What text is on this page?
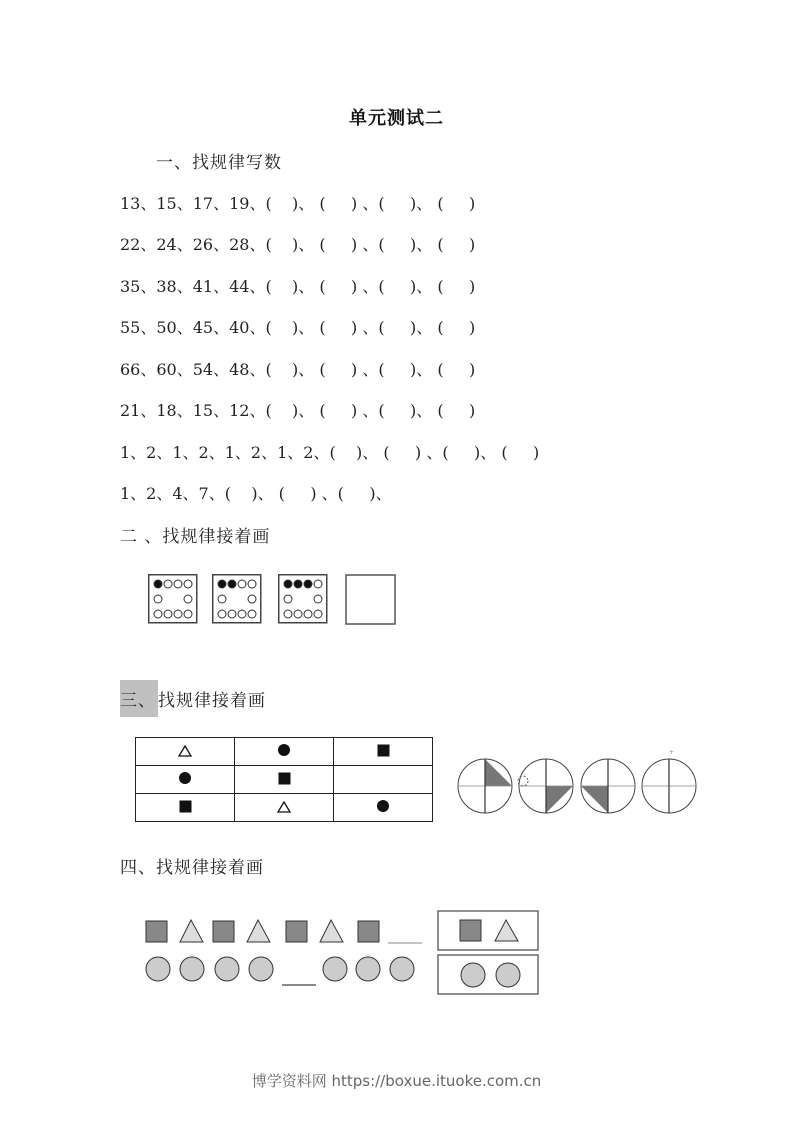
单元测试二
一、找规律写数
13、15、17、19、(    )、 (     ) 、(     )、 (     )
22、24、26、28、(    )、 (     ) 、(     )、 (     )
35、38、41、44、(    )、 (     ) 、(     )、 (     )
55、50、45、40、(    )、 (     ) 、(     )、 (     )
66、60、54、48、(    )、 (     ) 、(     )、 (     )
21、18、15、12、(    )、 (     ) 、(     )、 (     )
1、2、1、2、1、2、1、2、(    )、 (     ) 、(     )、 (     )
1、2、4、7、(    )、 (     ) 、(     )、
二 、找规律接着画
三、 找规律接着画

+
四、找规律接着画
博学资料网 https://boxue.ituoke.com.cn
